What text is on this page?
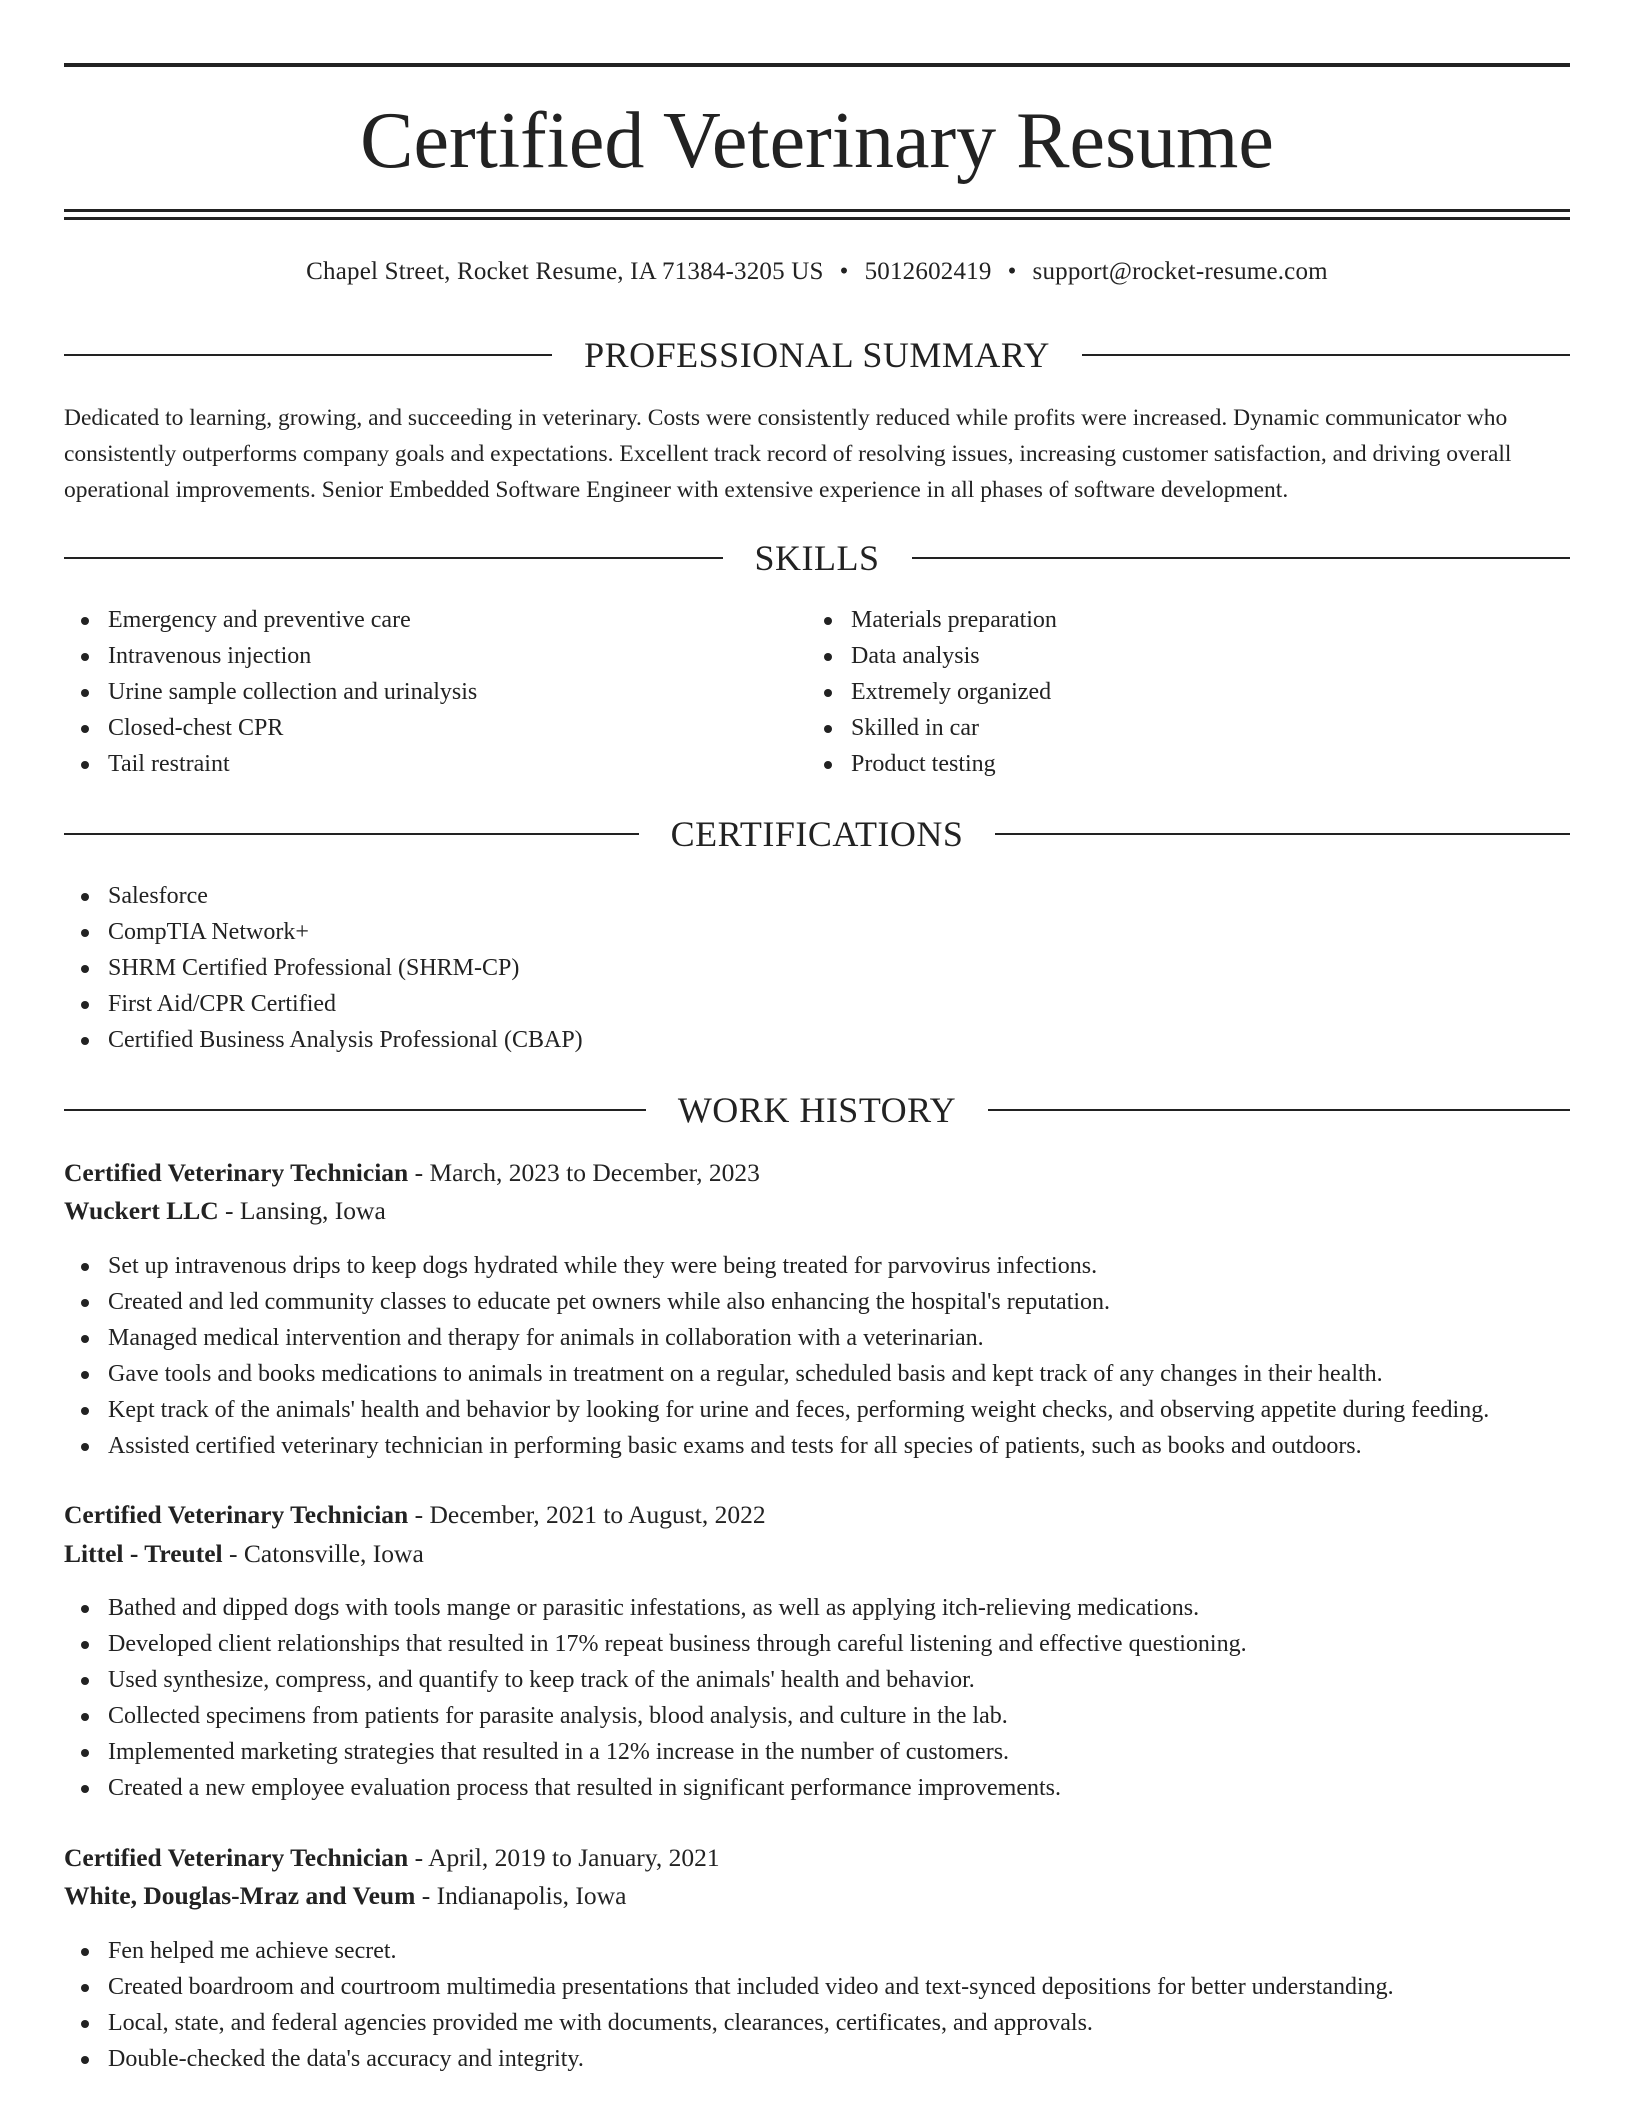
Certified Veterinary Resume
Chapel Street, Rocket Resume, IA 71384-3205 US • 5012602419 • support@rocket-resume.com
PROFESSIONAL SUMMARY

Dedicated to learning, growing, and succeeding in veterinary. Costs were consistently reduced while profits were increased. Dynamic communicator who consistently outperforms company goals and expectations. Excellent track record of resolving issues, increasing customer satisfaction, and driving overall operational improvements. Senior Embedded Software Engineer with extensive experience in all phases of software development.

SKILLS
Emergency and preventive care
Intravenous injection
Urine sample collection and urinalysis
Closed-chest CPR
Tail restraint
Materials preparation
Data analysis
Extremely organized
Skilled in car
Product testing
CERTIFICATIONS
Salesforce
CompTIA Network+
SHRM Certified Professional (SHRM-CP)
First Aid/CPR Certified
Certified Business Analysis Professional (CBAP)
WORK HISTORY
Certified Veterinary Technician - March, 2023 to December, 2023
Wuckert LLC - Lansing, Iowa
Set up intravenous drips to keep dogs hydrated while they were being treated for parvovirus infections.
Created and led community classes to educate pet owners while also enhancing the hospital's reputation.
Managed medical intervention and therapy for animals in collaboration with a veterinarian.
Gave tools and books medications to animals in treatment on a regular, scheduled basis and kept track of any changes in their health.
Kept track of the animals' health and behavior by looking for urine and feces, performing weight checks, and observing appetite during feeding.
Assisted certified veterinary technician in performing basic exams and tests for all species of patients, such as books and outdoors.
Certified Veterinary Technician - December, 2021 to August, 2022
Littel - Treutel - Catonsville, Iowa
Bathed and dipped dogs with tools mange or parasitic infestations, as well as applying itch-relieving medications.
Developed client relationships that resulted in 17% repeat business through careful listening and effective questioning.
Used synthesize, compress, and quantify to keep track of the animals' health and behavior.
Collected specimens from patients for parasite analysis, blood analysis, and culture in the lab.
Implemented marketing strategies that resulted in a 12% increase in the number of customers.
Created a new employee evaluation process that resulted in significant performance improvements.
Certified Veterinary Technician - April, 2019 to January, 2021
White, Douglas-Mraz and Veum - Indianapolis, Iowa
Fen helped me achieve secret.
Created boardroom and courtroom multimedia presentations that included video and text-synced depositions for better understanding.
Local, state, and federal agencies provided me with documents, clearances, certificates, and approvals.
Double-checked the data's accuracy and integrity.
